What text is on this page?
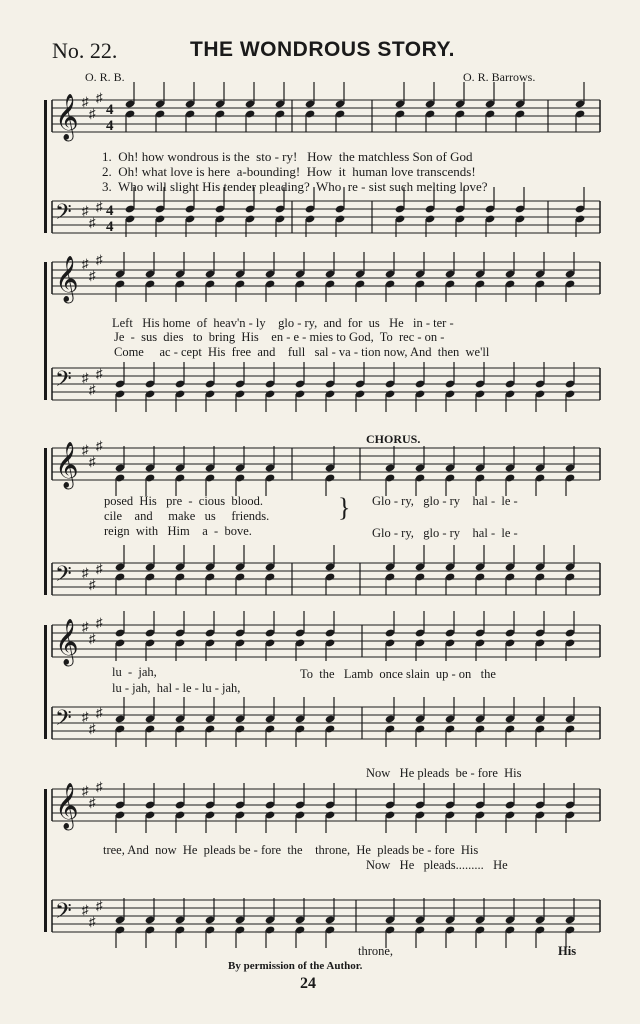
No. 22.	THE WONDROUS STORY.
O. R. B.	O. R. Barrows.
𝄞 ♯
♯
♯
4
4
𝄢 ♯
♯
♯ 4
4
𝄞 ♯
♯
♯
𝄢 ♯
♯
♯
𝄞 ♯
♯
♯
𝄢 ♯
♯
♯
𝄞 ♯
♯
♯
𝄢 ♯
♯
♯
𝄞 ♯
♯
♯
𝄢 ♯
♯
♯
1.  Oh! how wondrous is the  sto - ry!   How  the matchless Son of God
2.  Oh! what love is here  a-bounding!  How  it  human love transcends!
3.  Who will slight His tender pleading?  Who  re - sist such melting love?
Left   His home  of  heav'n - ly    glo - ry,  and  for  us   He   in - ter -
Je  -  sus  dies   to  bring  His    en - e - mies to God,  To  rec - on -
Come     ac - cept  His  free  and    full   sal - va - tion now, And  then  we'll
CHORUS.
posed  His   pre  -  cious  blood.
cile    and     make   us     friends.
reign  with   Him    a  -  bove.
Glo - ry,   glo - ry    hal -  le -
Glo - ry,   glo - ry    hal -  le -
}
lu  -  jah,	To  the   Lamb  once slain  up - on   the
lu - jah,  hal - le - lu - jah,
Now   He pleads  be - fore  His
tree, And  now  He  pleads be - fore  the    throne,  He  pleads be - fore  His
Now   He   pleads.........   He
throne,	His
By permission of the Author.
24
